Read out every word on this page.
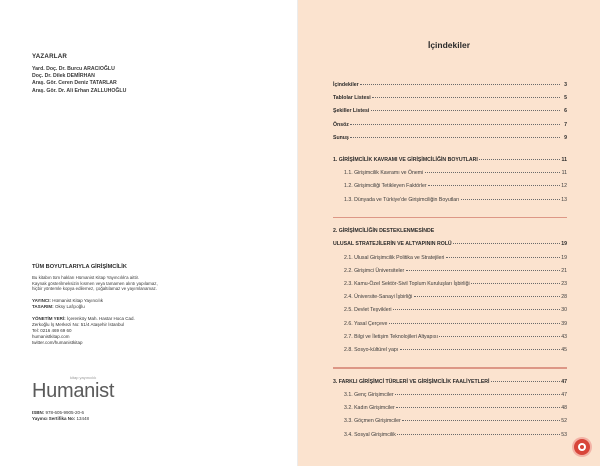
YAZARLAR
Yard. Doç. Dr. Burcu ARACIOĞLU
Doç. Dr. Dilek DEMİRHAN
Araş. Gör. Ceren Deniz TATARLAR
Araş. Gör. Dr. Ali Erhan ZALLUHOĞLU
TÜM BOYUTLARIYLA GİRİŞİMCİLİK

Bu kitabın tüm hakları Hümanist Kitap Yayıncılık'a aittir.

Kaynak gösterilmeksizin kısmen veya tamamen alıntı yapılamaz,

hiçbir yöntemle kopya edilemez, çoğaltılamaz ve yayımlanamaz.

YAYINCI: Hümanist Kitap Yayıncılık
TASARIM: Oksy Lafçıoğlu
YÖNETİM YERİ: İçerenköy Mah. Hastar Hoca Cad.
Zerkoğlu İş Merkezi No: 51/4 Ataşehir İstanbul
Tel: 0216 469 69 60
humanistkitap.com
twitter.com/humanistkitap
kitap yayıncılık
Humanist
ISBN: 978-605-9905-20-6
Yayıncı Sertifika No: 13448
İçindekiler
İçindekiler	3
Tablolar Listesi	5
Şekiller Listesi	6
Önsöz	7
Sunuş	9
1. GİRİŞİMCİLİK KAVRAMI VE GİRİŞİMCİLİĞİN BOYUTLARI	11
1.1. Girişimcilik Kavramı ve Önemi	11
1.2. Girişimciliği Tetikleyen Faktörler	12
1.3. Dünyada ve Türkiye'de Girişimciliğin Boyutları	13
2. GİRİŞİMCİLİĞİN DESTEKLENMESİNDE
ULUSAL STRATEJİLERİN VE ALTYAPININ ROLÜ	19
2.1. Ulusal Girişimcilik Politika ve Stratejileri	19
2.2. Girişimci Üniversiteler	21
2.3. Kamu-Özel Sektör-Sivil Toplum Kuruluşları İşbirliği	23
2.4. Üniversite-Sanayi İşbirliği	28
2.5. Devlet Teşvikleri	30
2.6. Yasal Çerçeve	39
2.7. Bilgi ve İletişim Teknolojileri Altyapısı	43
2.8. Sosyo-kültürel yapı	45
3. FARKLI GİRİŞİMCİ TÜRLERİ VE GİRİŞİMCİLİK FAALİYETLERİ	47
3.1. Genç Girişimciler	47
3.2. Kadın Girişimciler	48
3.3. Göçmen Girişimciler	52
3.4. Sosyal Girişimcilik	53
